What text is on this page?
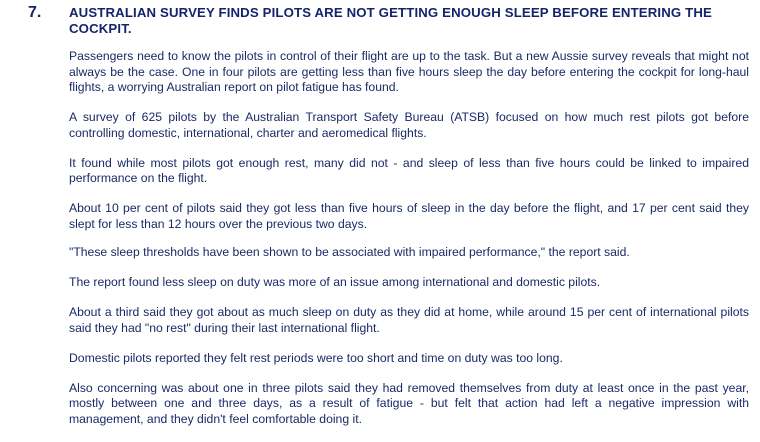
7. AUSTRALIAN SURVEY FINDS PILOTS ARE NOT GETTING ENOUGH SLEEP BEFORE ENTERING THE COCKPIT.

Passengers need to know the pilots in control of their flight are up to the task. But a new Aussie survey reveals that might not always be the case. One in four pilots are getting less than five hours sleep the day before entering the cockpit for long-haul flights, a worrying Australian report on pilot fatigue has found.

A survey of 625 pilots by the Australian Transport Safety Bureau (ATSB) focused on how much rest pilots got before controlling domestic, international, charter and aeromedical flights.

It found while most pilots got enough rest, many did not - and sleep of less than five hours could be linked to impaired performance on the flight.

About 10 per cent of pilots said they got less than five hours of sleep in the day before the flight, and 17 per cent said they slept for less than 12 hours over the previous two days.

"These sleep thresholds have been shown to be associated with impaired performance," the report said.

The report found less sleep on duty was more of an issue among international and domestic pilots.

About a third said they got about as much sleep on duty as they did at home, while around 15 per cent of international pilots said they had "no rest" during their last international flight.

Domestic pilots reported they felt rest periods were too short and time on duty was too long.

Also concerning was about one in three pilots said they had removed themselves from duty at least once in the past year, mostly between one and three days, as a result of fatigue - but felt that action had left a negative impression with management, and they didn't feel comfortable doing it.
